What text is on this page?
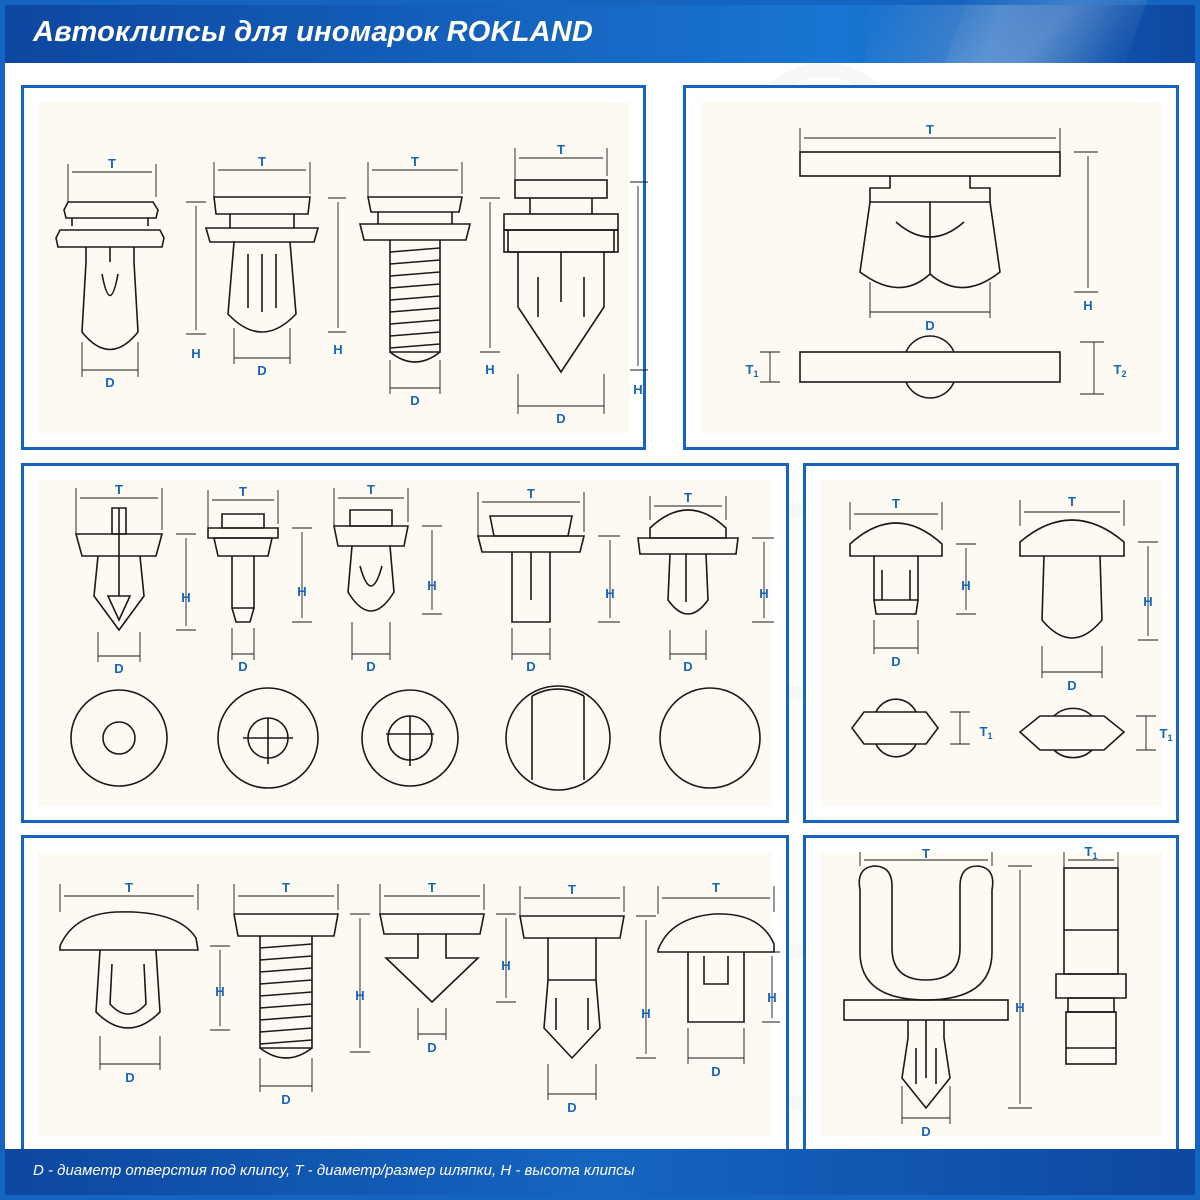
Автоклипсы для иномарок ROKLAND
T
H
D
T
H
D
T
H
D
T
H
D
T
H
D
$T_1$	$T_2$
T
H
D
T
H
D
T
H
D
T
H
D
T
H
D
T
H
D
T
H
D
$T_1$	$T_1$
T
H
D
T
H
D
T
H
D
T
H
D
T
H
D
T
H
D
$T_1$

D - диаметр отверстия под клипсу, Т - диаметр/размер шляпки, Н - высота клипсы
